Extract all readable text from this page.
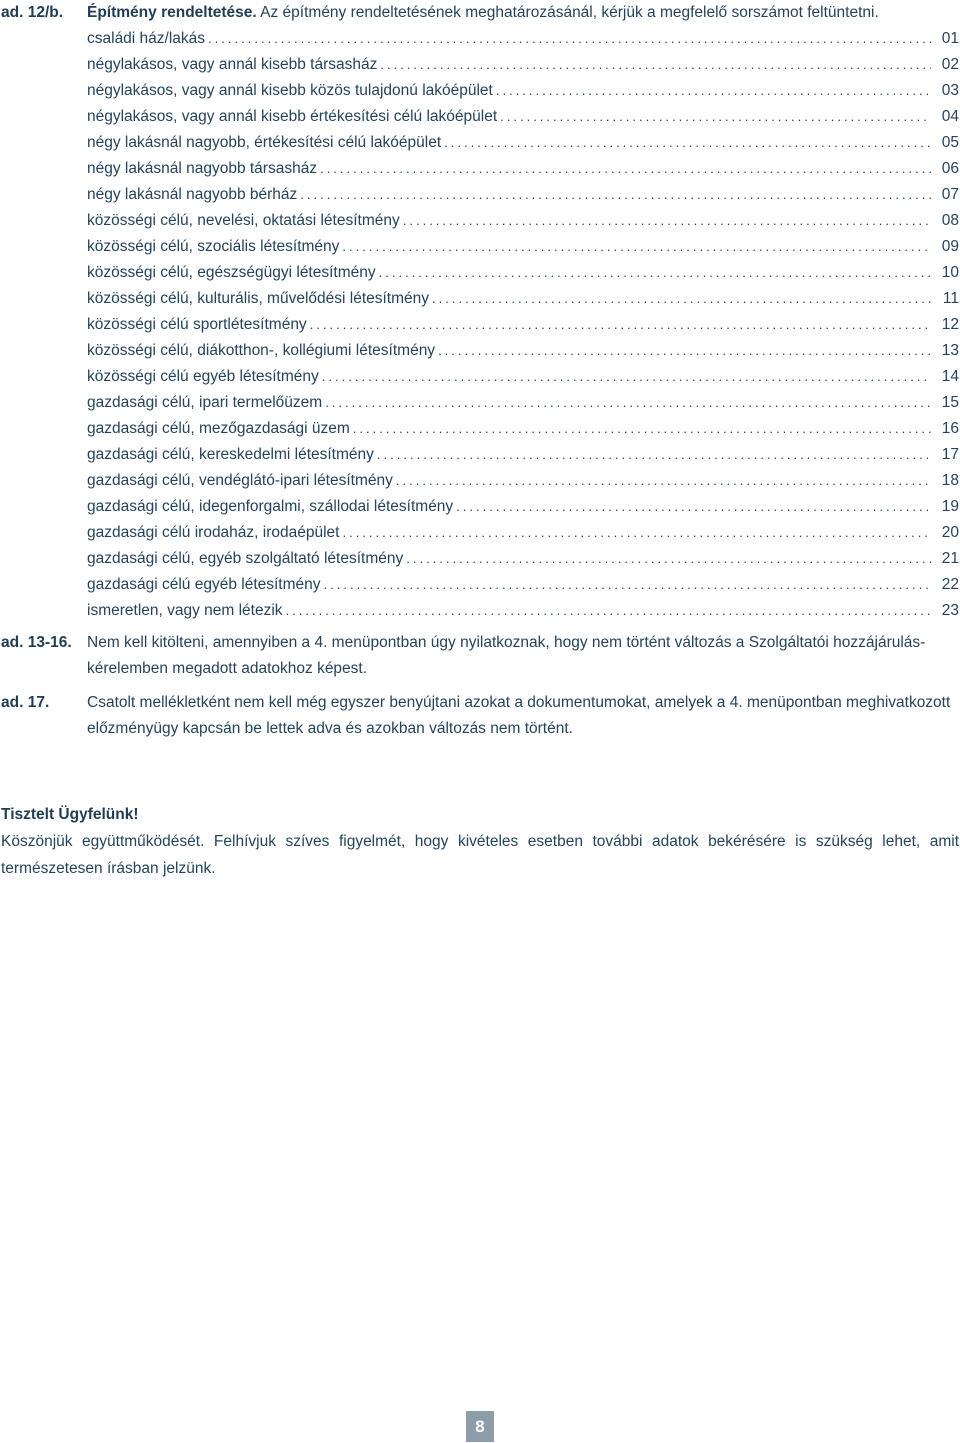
ad. 12/b. Építmény rendeltetése. Az építmény rendeltetésének meghatározásánál, kérjük a megfelelő sorszámot feltüntetni.
családi ház/lakás .....	01
négylakásos, vagy annál kisebb társasház .....	02
négylakásos, vagy annál kisebb közös tulajdonú lakóépület .....	03
négylakásos, vagy annál kisebb értékesítési célú lakóépület .....	04
négy lakásnál nagyobb, értékesítési célú lakóépület .....	05
négy lakásnál nagyobb társasház .....	06
négy lakásnál nagyobb bérház .....	07
közösségi célú, nevelési, oktatási létesítmény .....	08
közösségi célú, szociális létesítmény .....	09
közösségi célú, egészségügyi létesítmény .....	10
közösségi célú, kulturális, művelődési létesítmény .....	11
közösségi célú sportlétesítmény .....	12
közösségi célú, diákotthon-, kollégiumi létesítmény .....	13
közösségi célú egyéb létesítmény .....	14
gazdasági célú, ipari termelőüzem .....	15
gazdasági célú, mezőgazdasági üzem .....	16
gazdasági célú, kereskedelmi létesítmény .....	17
gazdasági célú, vendéglátó-ipari létesítmény .....	18
gazdasági célú, idegenforgalmi, szállodai létesítmény .....	19
gazdasági célú irodaház, irodaépület .....	20
gazdasági célú, egyéb szolgáltató létesítmény .....	21
gazdasági célú egyéb létesítmény .....	22
ismeretlen, vagy nem létezik .....	23
ad. 13-16. Nem kell kitölteni, amennyiben a 4. menüpontban úgy nyilatkoznak, hogy nem történt változás a Szolgáltatói hozzájárulás-kérelemben megadott adatokhoz képest.

ad. 17. Csatolt mellékletként nem kell még egyszer benyújtani azokat a dokumentumokat, amelyek a 4. menüpontban meghivatkozott előzményügy kapcsán be lettek adva és azokban változás nem történt.

Tisztelt Ügyfelünk!

Köszönjük együttműködését. Felhívjuk szíves figyelmét, hogy kivételes esetben további adatok bekérésére is szükség lehet, amit természetesen írásban jelzünk.

8
